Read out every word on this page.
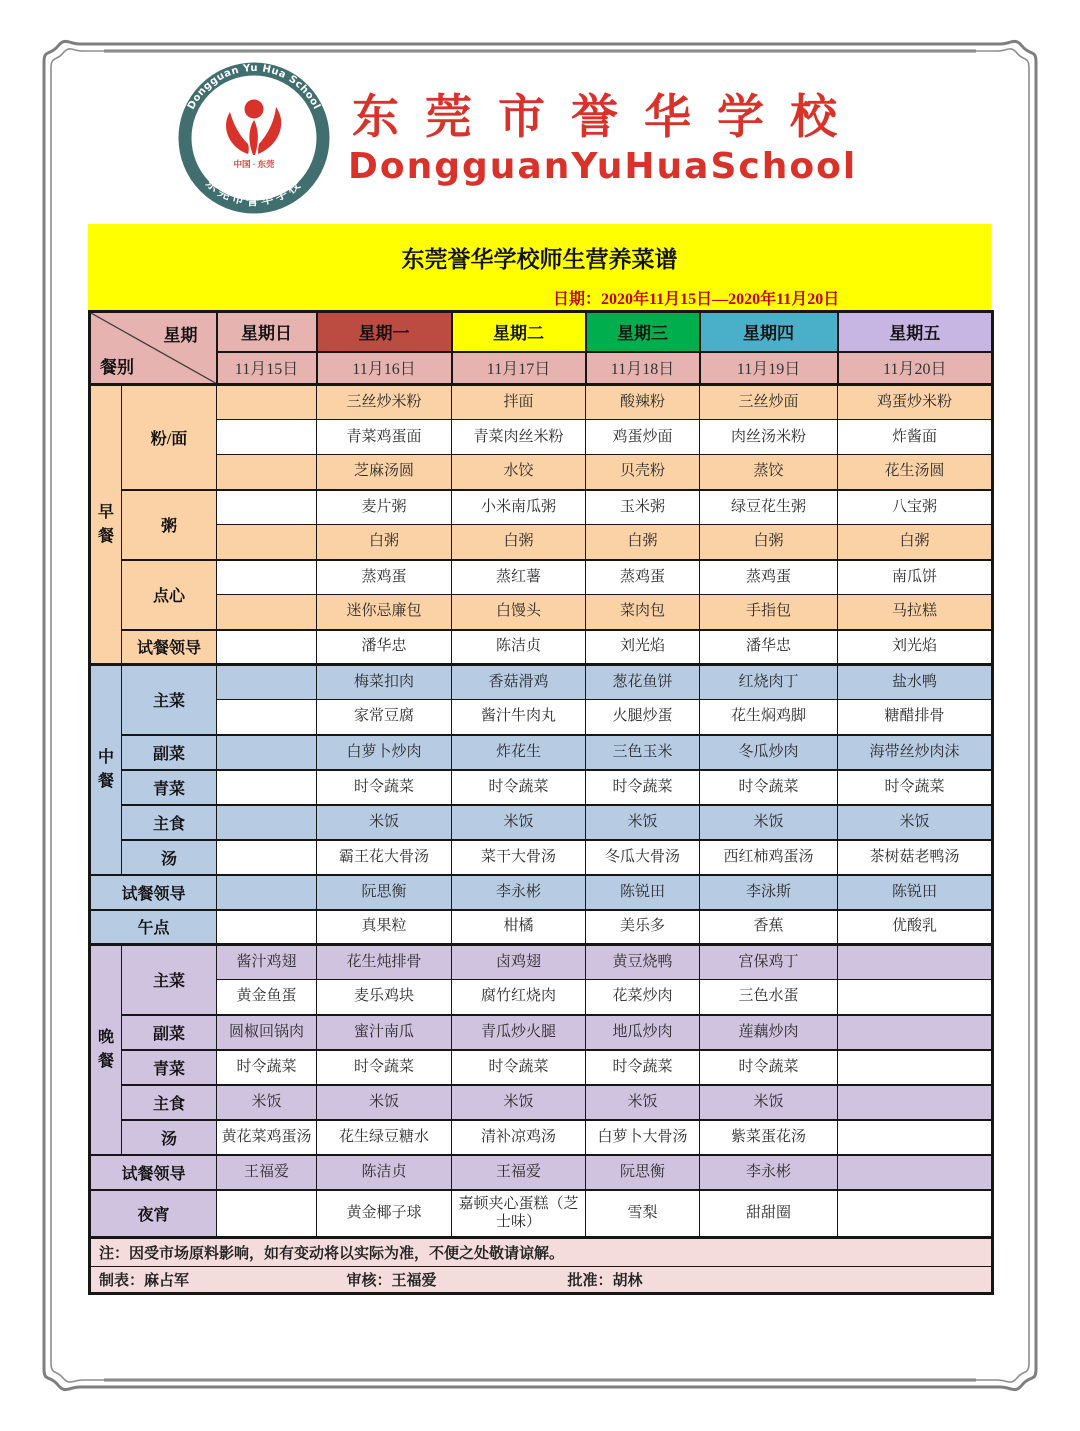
Dongguan Yu Hua School
东莞市誉华学校
中国 · 东莞
东莞市誉华学校
DongguanYuHuaSchool
东莞誉华学校师生营养菜谱
日期：2020年11月15日—2020年11月20日
星期
餐别		星期日	星期一	星期二	星期三	星期四	星期五
		11月15日	11月16日	11月17日	11月18日	11月19日	11月20日
早餐	粉/面		三丝炒米粉	拌面	酸辣粉	三丝炒面	鸡蛋炒米粉
			青菜鸡蛋面	青菜肉丝米粉	鸡蛋炒面	肉丝汤米粉	炸酱面
			芝麻汤圆	水饺	贝壳粉	蒸饺	花生汤圆
	粥		麦片粥	小米南瓜粥	玉米粥	绿豆花生粥	八宝粥
			白粥	白粥	白粥	白粥	白粥
	点心		蒸鸡蛋	蒸红薯	蒸鸡蛋	蒸鸡蛋	南瓜饼
			迷你忌廉包	白馒头	菜肉包	手指包	马拉糕
	试餐领导		潘华忠	陈洁贞	刘光焰	潘华忠	刘光焰
中餐	主菜		梅菜扣肉	香菇滑鸡	葱花鱼饼	红烧肉丁	盐水鸭
			家常豆腐	酱汁牛肉丸	火腿炒蛋	花生焖鸡脚	糖醋排骨
	副菜		白萝卜炒肉	炸花生	三色玉米	冬瓜炒肉	海带丝炒肉沫
	青菜		时令蔬菜	时令蔬菜	时令蔬菜	时令蔬菜	时令蔬菜
	主食		米饭	米饭	米饭	米饭	米饭
	汤		霸王花大骨汤	菜干大骨汤	冬瓜大骨汤	西红柿鸡蛋汤	茶树菇老鸭汤
试餐领导			阮思衡	李永彬	陈锐田	李泳斯	陈锐田
午点			真果粒	柑橘	美乐多	香蕉	优酸乳
晚餐	主菜	酱汁鸡翅	花生炖排骨	卤鸡翅	黄豆烧鸭	宫保鸡丁	
		黄金鱼蛋	麦乐鸡块	腐竹红烧肉	花菜炒肉	三色水蛋	
	副菜	圆椒回锅肉	蜜汁南瓜	青瓜炒火腿	地瓜炒肉	莲藕炒肉	
	青菜	时令蔬菜	时令蔬菜	时令蔬菜	时令蔬菜	时令蔬菜	
	主食	米饭	米饭	米饭	米饭	米饭	
	汤	黄花菜鸡蛋汤	花生绿豆糖水	清补凉鸡汤	白萝卜大骨汤	紫菜蛋花汤	
试餐领导		王福爱	陈洁贞	王福爱	阮思衡	李永彬	
夜宵			黄金椰子球	嘉顿夹心蛋糕（芝士味）	雪梨	甜甜圈	
注：因受市场原料影响，如有变动将以实际为准，不便之处敬请谅解。							

制表：麻占军 审核：王福爱 批准：胡林							
